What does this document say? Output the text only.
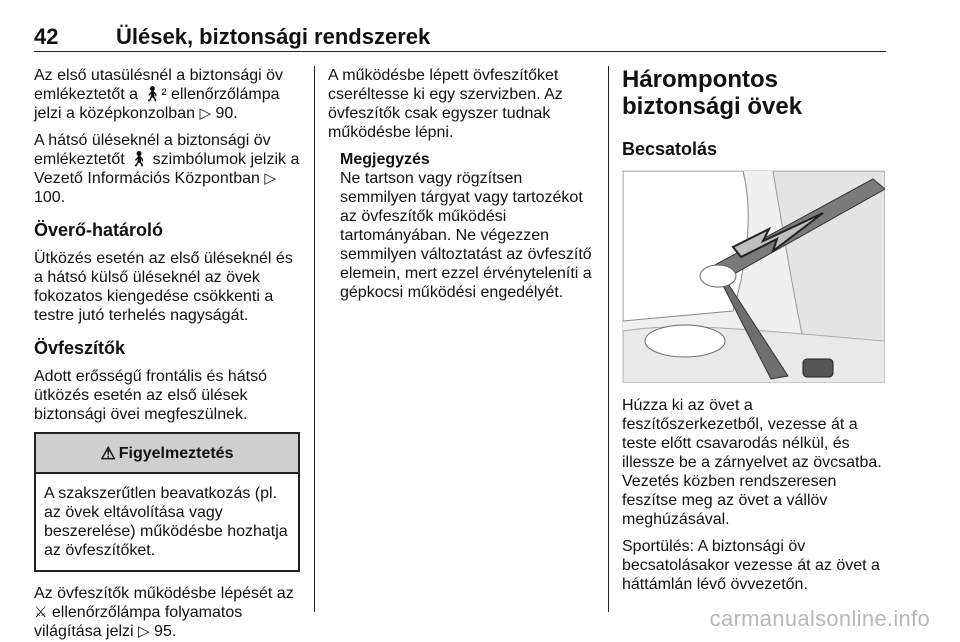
42	Ülések, biztonsági rendszerek

Az első utasülésnél a biztonsági öv emlékeztetőt a 🚶︎² ellenőrzőlámpa jelzi a középkonzolban ▷ 90.

A hátsó üléseknél a biztonsági öv emlékeztetőt 🚶︎ szimbólumok jelzik a Vezető Információs Központban ▷ 100.

Överő-határoló

Ütközés esetén az első üléseknél és a hátsó külső üléseknél az övek fokozatos kiengedése csökkenti a testre jutó terhelés nagyságát.

Övfeszítők

Adott erősségű frontális és hátsó ütközés esetén az első ülések biztonsági övei megfeszülnek.

⚠︎ Figyelmeztetés
A szakszerűtlen beavatkozás (pl. az övek eltávolítása vagy beszerelése) működésbe hozhatja az övfeszítőket.

Az övfeszítők működésbe lépését az ⚔︎ ellenőrzőlámpa folyamatos világítása jelzi ▷ 95.

A működésbe lépett övfeszítőket cseréltesse ki egy szervizben. Az övfeszítők csak egyszer tudnak működésbe lépni.

Megjegyzés
Ne tartson vagy rögzítsen semmilyen tárgyat vagy tartozékot az övfeszítők működési tartományában. Ne végezzen semmilyen változtatást az övfeszítő elemein, mert ezzel érvényteleníti a gépkocsi működési engedélyét.
Hárompontos biztonsági övek
Becsatolás

Húzza ki az övet a feszítőszerkezetből, vezesse át a teste előtt csavarodás nélkül, és illessze be a zárnyelvet az övcsatba. Vezetés közben rendszeresen feszítse meg az övet a vállöv meghúzásával.

Sportülés: A biztonsági öv becsatolásakor vezesse át az övet a háttámlán lévő övvezetőn.

carmanualsonline.info
